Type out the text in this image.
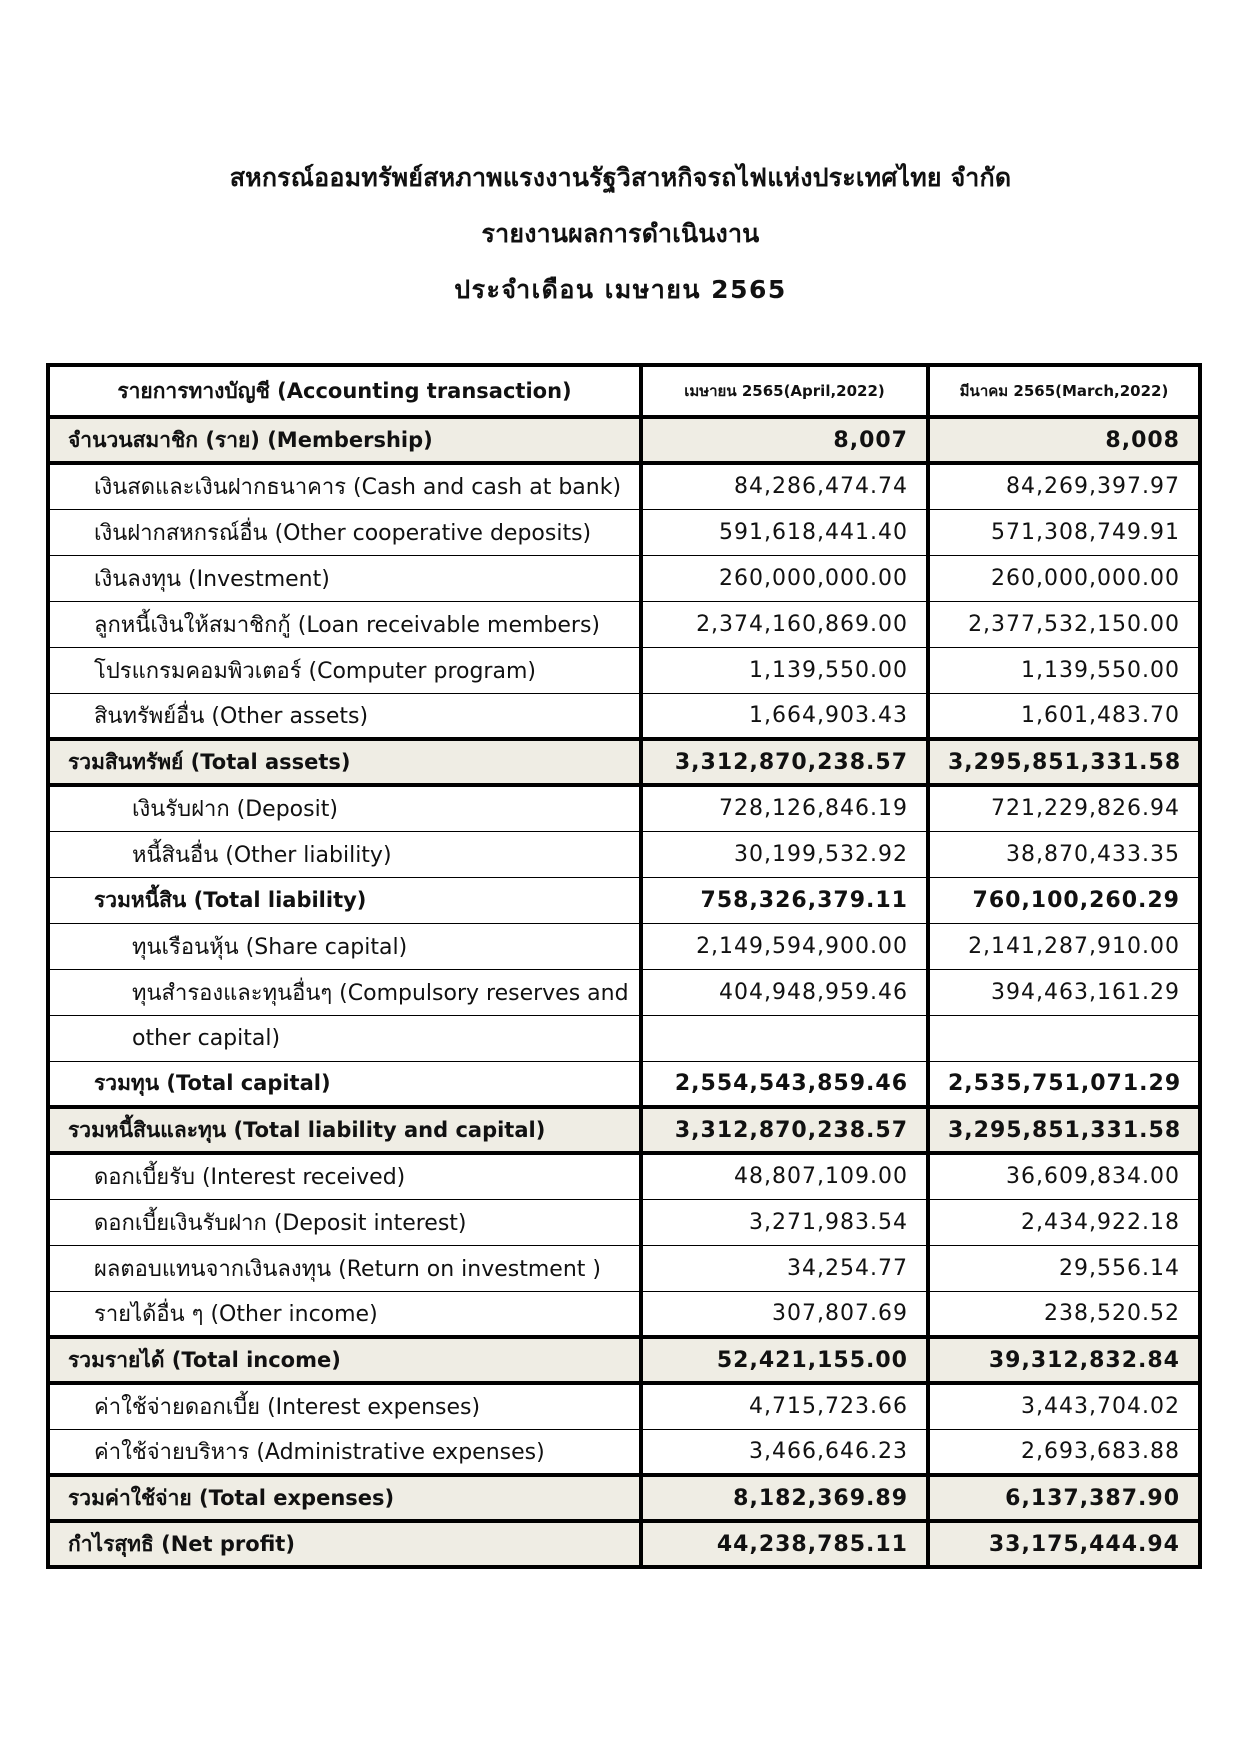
สหกรณ์ออมทรัพย์สหภาพแรงงานรัฐวิสาหกิจรถไฟแห่งประเทศไทย จำกัด
รายงานผลการดำเนินงาน
ประจำเดือน เมษายน 2565
รายการทางบัญชี (Accounting transaction)	เมษายน 2565(April,2022)	มีนาคม 2565(March,2022)
จำนวนสมาชิก (ราย) (Membership)	8,007	8,008
เงินสดและเงินฝากธนาคาร (Cash and cash at bank)	84,286,474.74	84,269,397.97
เงินฝากสหกรณ์อื่น (Other cooperative deposits)	591,618,441.40	571,308,749.91
เงินลงทุน (Investment)	260,000,000.00	260,000,000.00
ลูกหนี้เงินให้สมาชิกกู้ (Loan receivable members)	2,374,160,869.00	2,377,532,150.00
โปรแกรมคอมพิวเตอร์ (Computer program)	1,139,550.00	1,139,550.00
สินทรัพย์อื่น (Other assets)	1,664,903.43	1,601,483.70
รวมสินทรัพย์ (Total assets)	3,312,870,238.57	3,295,851,331.58
เงินรับฝาก (Deposit)	728,126,846.19	721,229,826.94
หนี้สินอื่น (Other liability)	30,199,532.92	38,870,433.35
รวมหนี้สิน (Total liability)	758,326,379.11	760,100,260.29
ทุนเรือนหุ้น (Share capital)	2,149,594,900.00	2,141,287,910.00
ทุนสำรองและทุนอื่นๆ (Compulsory reserves and	404,948,959.46	394,463,161.29
other capital)		
รวมทุน (Total capital)	2,554,543,859.46	2,535,751,071.29
รวมหนี้สินและทุน (Total liability and capital)	3,312,870,238.57	3,295,851,331.58
ดอกเบี้ยรับ (Interest received)	48,807,109.00	36,609,834.00
ดอกเบี้ยเงินรับฝาก (Deposit interest)	3,271,983.54	2,434,922.18
ผลตอบแทนจากเงินลงทุน (Return on investment )	34,254.77	29,556.14
รายได้อื่น ๆ (Other income)	307,807.69	238,520.52
รวมรายได้ (Total income)	52,421,155.00	39,312,832.84
ค่าใช้จ่ายดอกเบี้ย (Interest expenses)	4,715,723.66	3,443,704.02
ค่าใช้จ่ายบริหาร (Administrative expenses)	3,466,646.23	2,693,683.88
รวมค่าใช้จ่าย (Total expenses)	8,182,369.89	6,137,387.90
กำไรสุทธิ (Net profit)	44,238,785.11	33,175,444.94
